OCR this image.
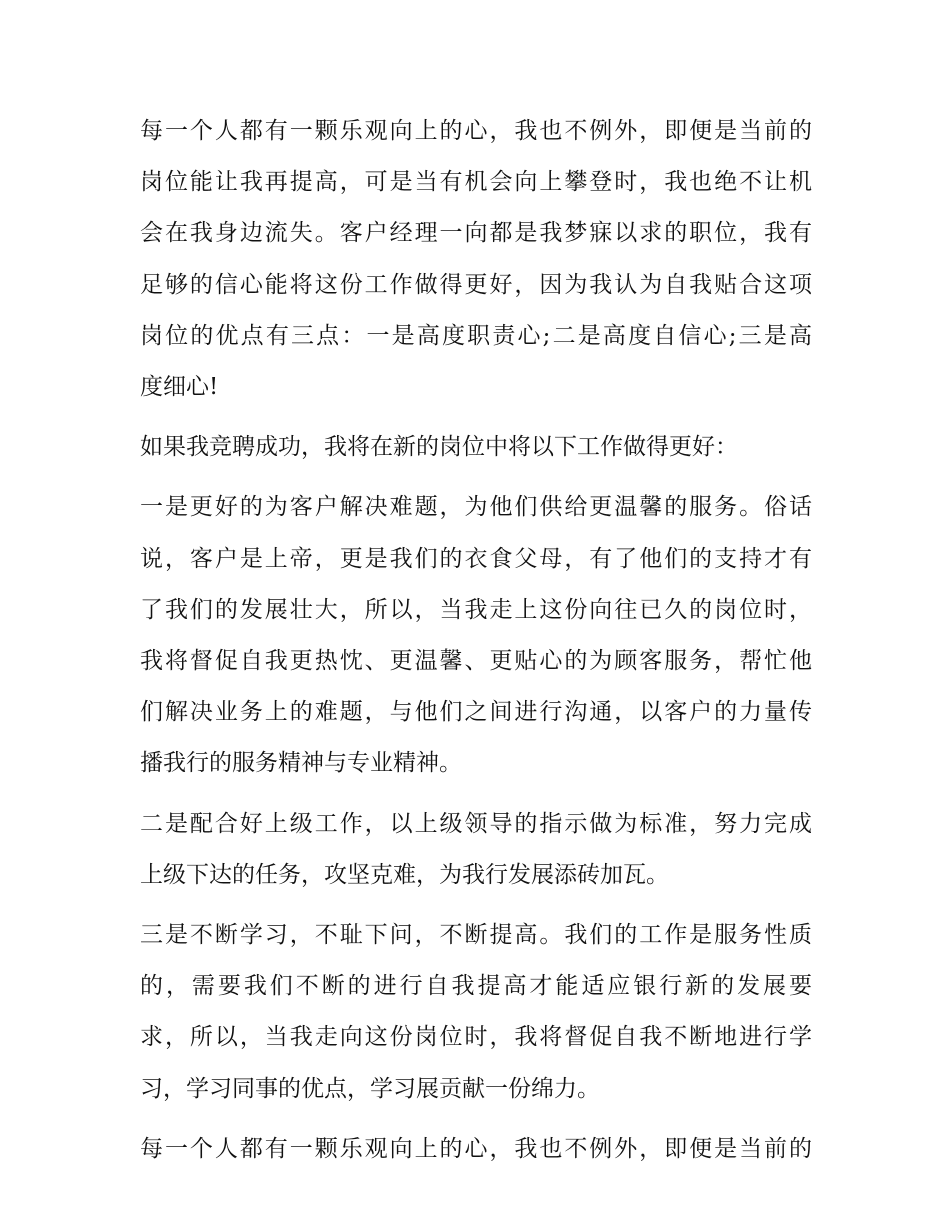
每一个人都有一颗乐观向上的心，我也不例外，即便是当前的
岗位能让我再提高，可是当有机会向上攀登时，我也绝不让机
会在我身边流失。客户经理一向都是我梦寐以求的职位，我有
足够的信心能将这份工作做得更好，因为我认为自我贴合这项
岗位的优点有三点：一是高度职责心;二是高度自信心;三是高
度细心!

如果我竞聘成功，我将在新的岗位中将以下工作做得更好：

一是更好的为客户解决难题，为他们供给更温馨的服务。俗话
说，客户是上帝，更是我们的衣食父母，有了他们的支持才有
了我们的发展壮大，所以，当我走上这份向往已久的岗位时，
我将督促自我更热忱、更温馨、更贴心的为顾客服务，帮忙他
们解决业务上的难题，与他们之间进行沟通，以客户的力量传
播我行的服务精神与专业精神。

二是配合好上级工作，以上级领导的指示做为标准，努力完成
上级下达的任务，攻坚克难，为我行发展添砖加瓦。

三是不断学习，不耻下问，不断提高。我们的工作是服务性质
的，需要我们不断的进行自我提高才能适应银行新的发展要
求，所以，当我走向这份岗位时，我将督促自我不断地进行学
习，学习同事的优点，学习展贡献一份绵力。

每一个人都有一颗乐观向上的心，我也不例外，即便是当前的
